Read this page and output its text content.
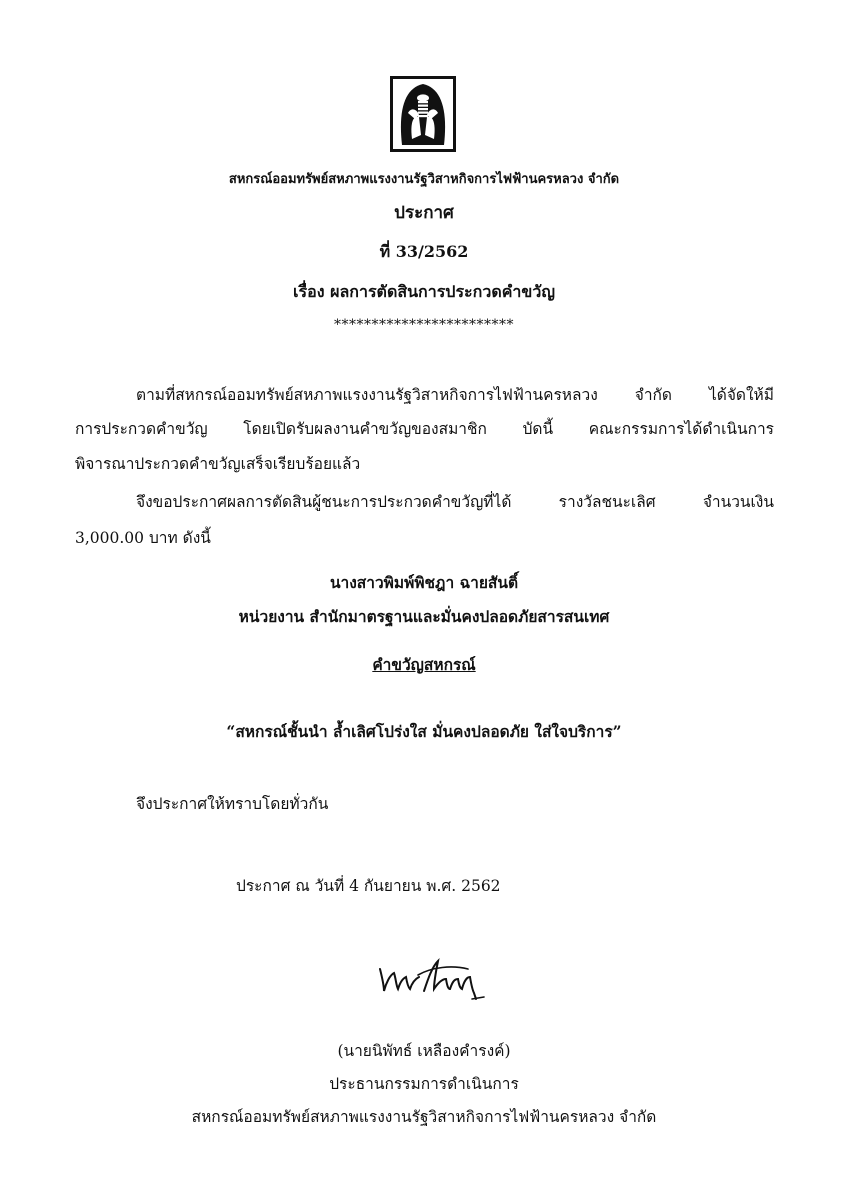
สหกรณ์ออมทรัพย์สหภาพแรงงานรัฐวิสาหกิจการไฟฟ้านครหลวง จำกัด
ประกาศ
ที่ 33/2562
เรื่อง ผลการตัดสินการประกวดคำขวัญ
************************
ตามที่สหกรณ์ออมทรัพย์สหภาพแรงงานรัฐวิสาหกิจการไฟฟ้านครหลวง จำกัด ได้จัดให้มี
การประกวดคำขวัญ โดยเปิดรับผลงานคำขวัญของสมาชิก บัดนี้ คณะกรรมการได้ดำเนินการ
พิจารณาประกวดคำขวัญเสร็จเรียบร้อยแล้ว
จึงขอประกาศผลการตัดสินผู้ชนะการประกวดคำขวัญที่ได้	รางวัลชนะเลิศ	จำนวนเงิน
3,000.00 บาท ดังนี้
นางสาวพิมพ์พิชฎา ฉายสันติ์
หน่วยงาน สำนักมาตรฐานและมั่นคงปลอดภัยสารสนเทศ
คำขวัญสหกรณ์
“สหกรณ์ชั้นนำ ล้ำเลิศโปร่งใส มั่นคงปลอดภัย ใส่ใจบริการ”
จึงประกาศให้ทราบโดยทั่วกัน
ประกาศ ณ วันที่ 4 กันยายน พ.ศ. 2562
(นายนิพัทธ์ เหลืองคำรงค์)
ประธานกรรมการดำเนินการ
สหกรณ์ออมทรัพย์สหภาพแรงงานรัฐวิสาหกิจการไฟฟ้านครหลวง จำกัด
